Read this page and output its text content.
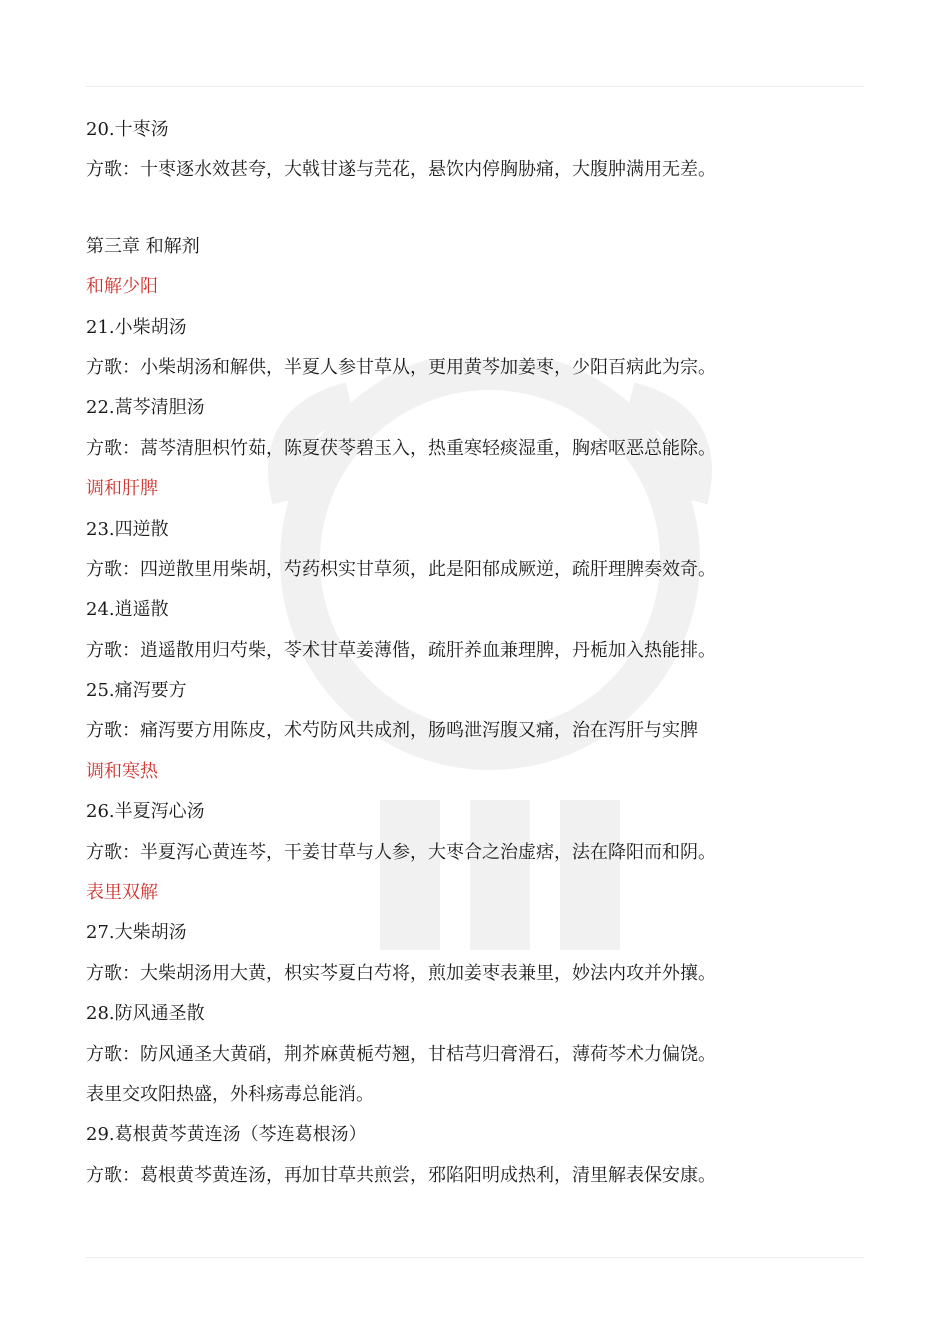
20.十枣汤
方歌：十枣逐水效甚夸，大戟甘遂与芫花，悬饮内停胸胁痛，大腹肿满用无差。
第三章 和解剂
和解少阳
21.小柴胡汤
方歌：小柴胡汤和解供，半夏人参甘草从，更用黄芩加姜枣，少阳百病此为宗。
22.蒿芩清胆汤
方歌：蒿芩清胆枳竹茹，陈夏茯苓碧玉入，热重寒轻痰湿重，胸痞呕恶总能除。
调和肝脾
23.四逆散
方歌：四逆散里用柴胡，芍药枳实甘草须，此是阳郁成厥逆，疏肝理脾奏效奇。
24.逍遥散
方歌：逍遥散用归芍柴，苓术甘草姜薄偕，疏肝养血兼理脾，丹栀加入热能排。
25.痛泻要方
方歌：痛泻要方用陈皮，术芍防风共成剂，肠鸣泄泻腹又痛，治在泻肝与实脾
调和寒热
26.半夏泻心汤
方歌：半夏泻心黄连芩，干姜甘草与人参，大枣合之治虚痞，法在降阳而和阴。
表里双解
27.大柴胡汤
方歌：大柴胡汤用大黄，枳实芩夏白芍将，煎加姜枣表兼里，妙法内攻并外攘。
28.防风通圣散
方歌：防风通圣大黄硝，荆芥麻黄栀芍翘，甘桔芎归膏滑石，薄荷芩术力偏饶。
表里交攻阳热盛，外科疡毒总能消。
29.葛根黄芩黄连汤（芩连葛根汤）
方歌：葛根黄芩黄连汤，再加甘草共煎尝，邪陷阳明成热利，清里解表保安康。
